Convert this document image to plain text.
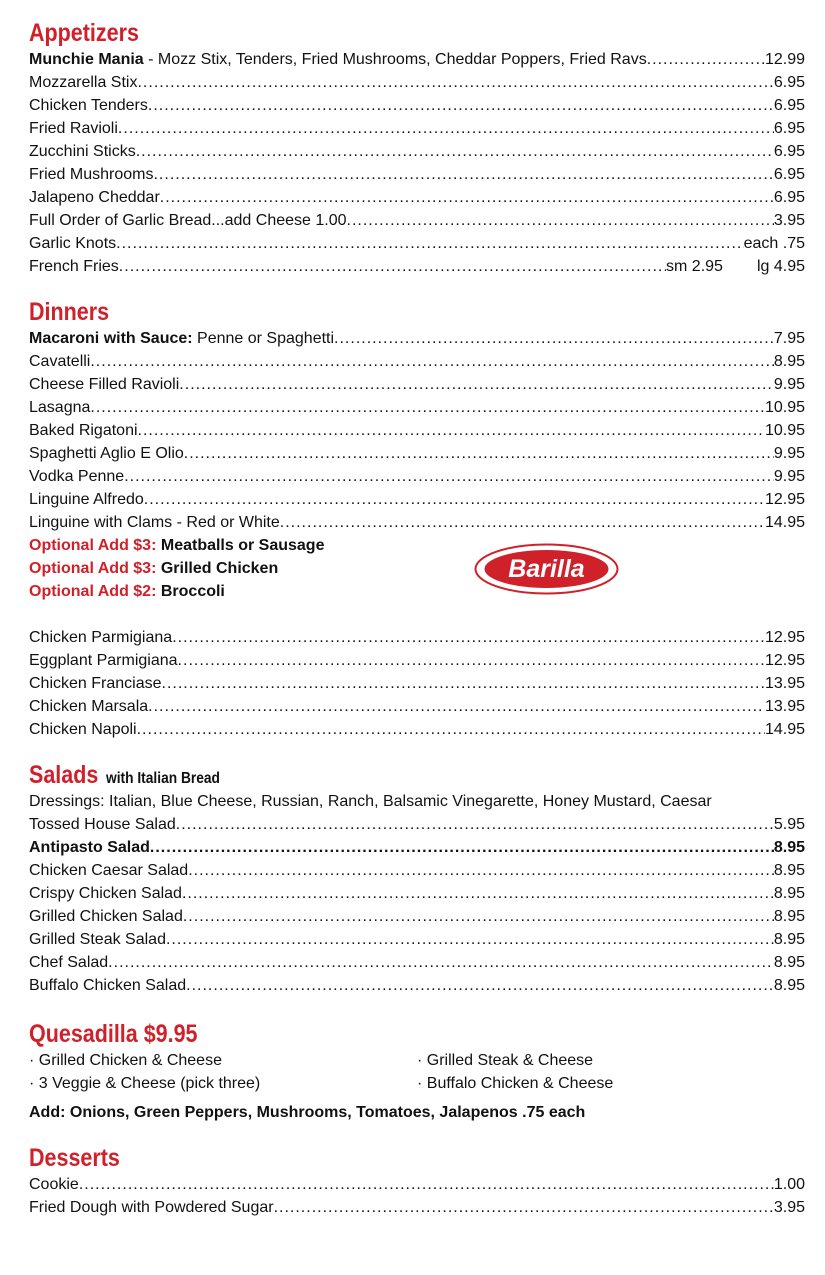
Appetizers
Munchie Mania - Mozz Stix, Tenders, Fried Mushrooms, Cheddar Poppers, Fried Ravs .....	12.99
Mozzarella Stix .....	6.95
Chicken Tenders .....	6.95
Fried Ravioli .....	6.95
Zucchini Sticks .....	6.95
Fried Mushrooms .....	6.95
Jalapeno Cheddar .....	6.95
Full Order of Garlic Bread...add Cheese 1.00 .....	3.95
Garlic Knots .....	each .75
French Fries .....	sm 2.95 lg 4.95
Dinners
Macaroni with Sauce: Penne or Spaghetti .....	7.95
Cavatelli .....	8.95
Cheese Filled Ravioli .....	9.95
Lasagna .....	10.95
Baked Rigatoni .....	10.95
Spaghetti Aglio E Olio .....	9.95
Vodka Penne .....	9.95
Linguine Alfredo .....	12.95
Linguine with Clams - Red or White .....	14.95
Optional Add $3: Meatballs or Sausage
Optional Add $3: Grilled Chicken
Optional Add $2: Broccoli
Barilla
Chicken Parmigiana .....	12.95
Eggplant Parmigiana .....	12.95
Chicken Franciase .....	13.95
Chicken Marsala .....	13.95
Chicken Napoli .....	14.95
Salads with Italian Bread
Dressings: Italian, Blue Cheese, Russian, Ranch, Balsamic Vinegarette, Honey Mustard, Caesar
Tossed House Salad .....	5.95
Antipasto Salad .....	8.95
Chicken Caesar Salad .....	8.95
Crispy Chicken Salad .....	8.95
Grilled Chicken Salad .....	8.95
Grilled Steak Salad .....	8.95
Chef Salad .....	8.95
Buffalo Chicken Salad .....	8.95
Quesadilla $9.95
· Grilled Chicken & Cheese
· 3 Veggie & Cheese (pick three)
· Grilled Steak & Cheese
· Buffalo Chicken & Cheese
Add: Onions, Green Peppers, Mushrooms, Tomatoes, Jalapenos .75 each
Desserts
Cookie .....	1.00
Fried Dough with Powdered Sugar .....	3.95
